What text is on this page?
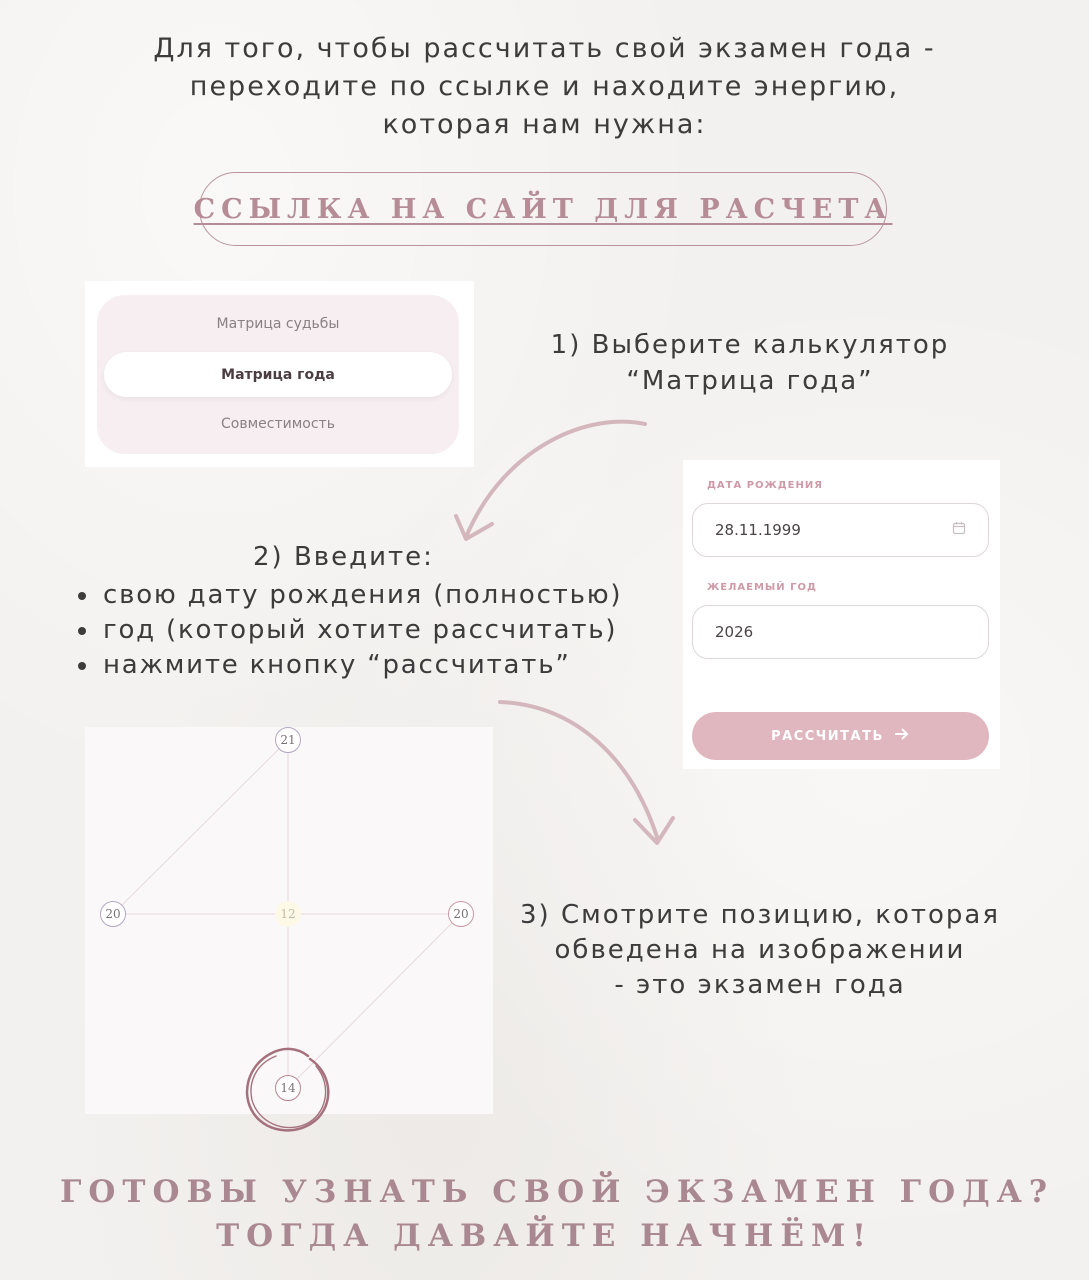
Для того, чтобы рассчитать свой экзамен года -
переходите по ссылке и находите энергию,
которая нам нужна:
ССЫЛКА НА САЙТ ДЛЯ РАСЧЕТА
Матрица судьбы
Матрица года
Совместимость
1) Выберите калькулятор
“Матрица года”
2) Введите:
свою дату рождения (полностью)
год (который хотите рассчитать)
нажмите кнопку “рассчитать”
ДАТА РОЖДЕНИЯ
28.11.1999
ЖЕЛАЕМЫЙ ГОД
2026
РАССЧИТАТЬ
21
20	20
12
14
3) Смотрите позицию, которая
обведена на изображении
- это экзамен года
ГОТОВЫ УЗНАТЬ СВОЙ ЭКЗАМЕН ГОДА?
ТОГДА ДАВАЙТЕ НАЧНЁМ!
